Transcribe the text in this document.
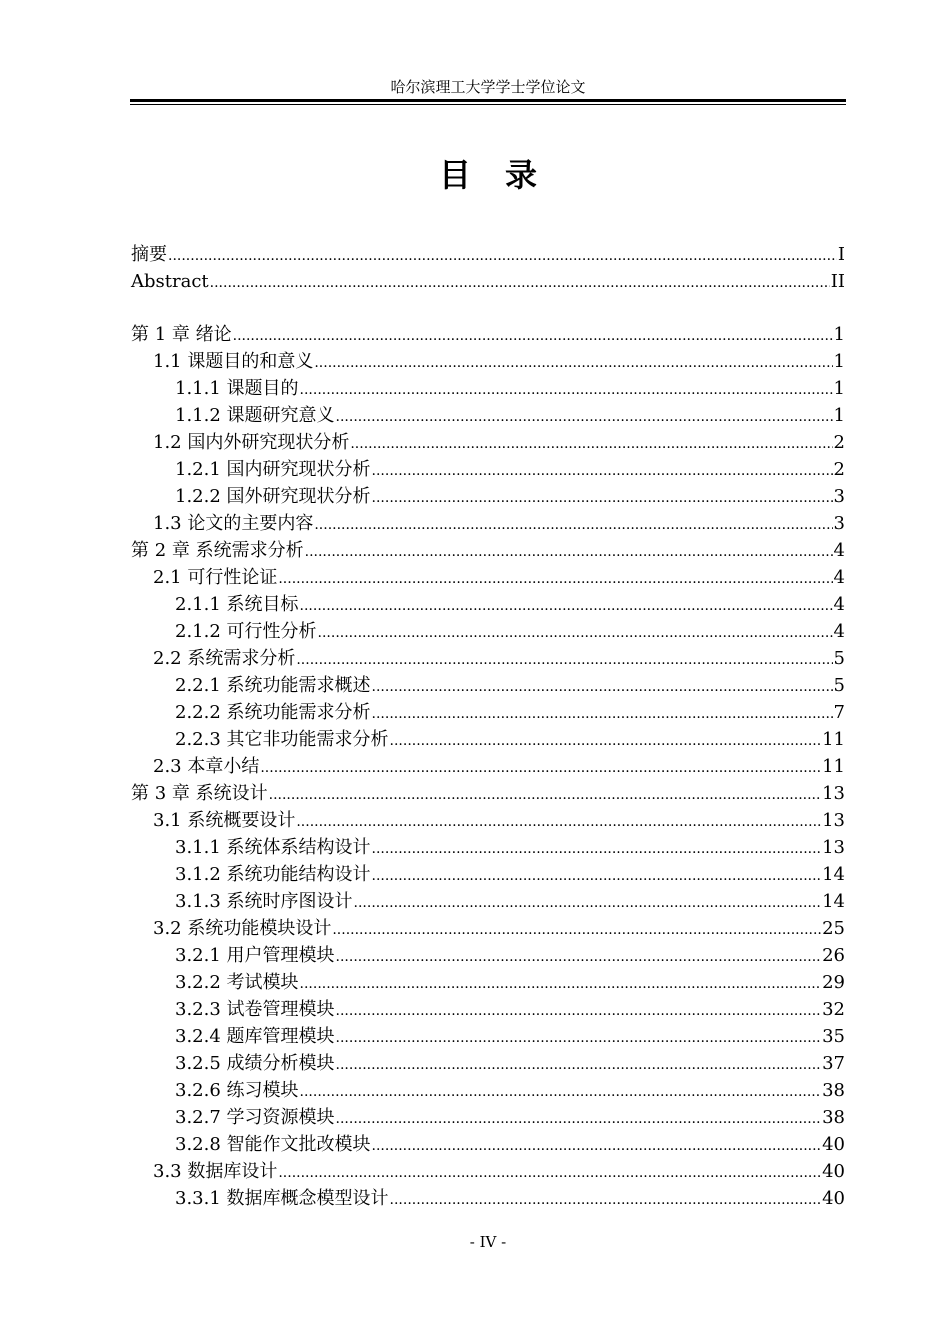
哈尔滨理工大学学士学位论文
目 录
摘要 .....	I
Abstract .....	II
第 1 章 绪论 .....	1
1.1 课题目的和意义 .....	1
1.1.1 课题目的 .....	1
1.1.2 课题研究意义 .....	1
1.2 国内外研究现状分析 .....	2
1.2.1 国内研究现状分析 .....	2
1.2.2 国外研究现状分析 .....	3
1.3 论文的主要内容 .....	3
第 2 章 系统需求分析 .....	4
2.1 可行性论证 .....	4
2.1.1 系统目标 .....	4
2.1.2 可行性分析 .....	4
2.2 系统需求分析 .....	5
2.2.1 系统功能需求概述 .....	5
2.2.2 系统功能需求分析 .....	7
2.2.3 其它非功能需求分析 .....	11
2.3 本章小结 .....	11
第 3 章 系统设计 .....	13
3.1 系统概要设计 .....	13
3.1.1 系统体系结构设计 .....	13
3.1.2 系统功能结构设计 .....	14
3.1.3 系统时序图设计 .....	14
3.2 系统功能模块设计 .....	25
3.2.1 用户管理模块 .....	26
3.2.2 考试模块 .....	29
3.2.3 试卷管理模块 .....	32
3.2.4 题库管理模块 .....	35
3.2.5 成绩分析模块 .....	37
3.2.6 练习模块 .....	38
3.2.7 学习资源模块 .....	38
3.2.8 智能作文批改模块 .....	40
3.3 数据库设计 .....	40
3.3.1 数据库概念模型设计 .....	40
- IV -
